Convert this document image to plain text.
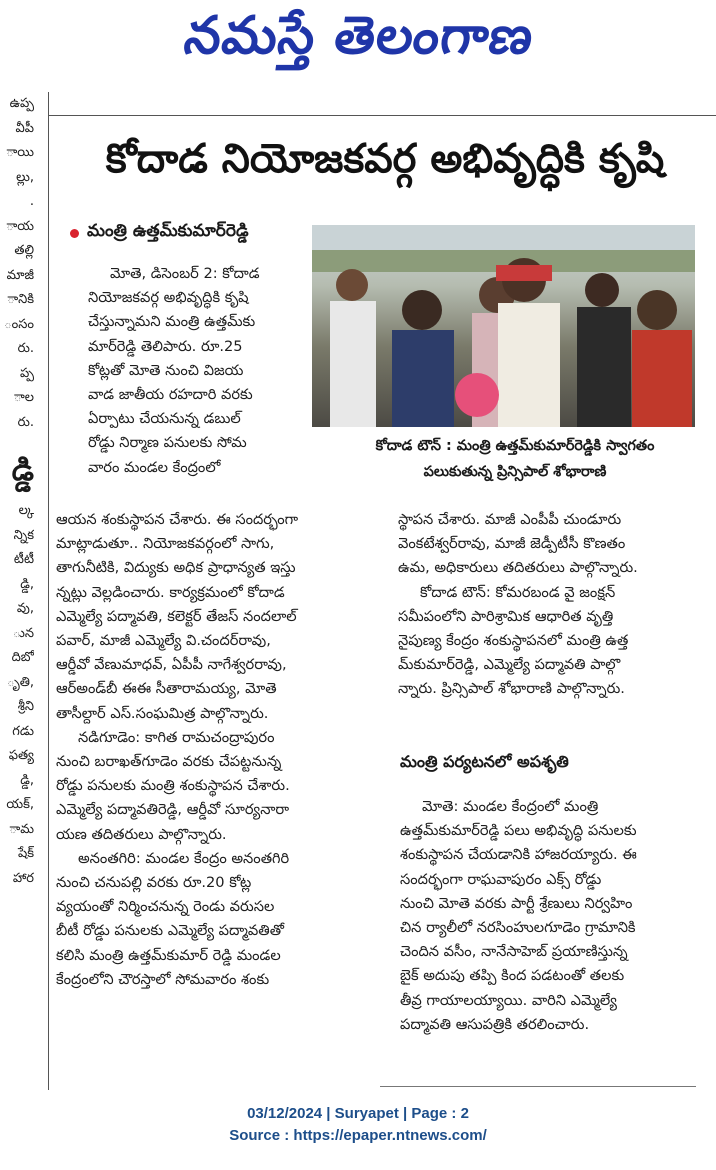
నమస్తే తెలంగాణ
ఉప్ప
వీపీ
ాయి
ల్లు,
.
ాయ
తల్లి
మాజీ
ానికి
ంసం
రు.
ప్ప
ాల
రు.
డ్డి
ల్క
న్నిక
టీటీ
డ్డి,
వు,
ున
దిబో
ృతి,
శ్రీని
గడు
ఫత్య
డ్డి,
యక్,
ామ
షేక్
హార
కోదాడ నియోజకవర్గ అభివృద్ధికి కృషి
మంత్రి ఉత్తమ్‌కుమార్‌రెడ్డి

మోతె, డిసెంబర్ 2: కోదాడ

నియోజకవర్గ అభివృద్ధికి కృషి

చేస్తున్నామని మంత్రి ఉత్తమ్‌కు

మార్‌రెడ్డి తెలిపారు. రూ.25

కోట్లతో మోతె నుంచి విజయ

వాడ జాతీయ రహదారి వరకు

ఏర్పాటు చేయనున్న డబుల్

రోడ్డు నిర్మాణ పనులకు సోమ

వారం మండల కేంద్రంలో

కోదాడ టౌన్ : మంత్రి ఉత్తమ్‌కుమార్‌రెడ్డికి స్వాగతం
పలుకుతున్న ప్రిన్సిపాల్ శోభారాణి

ఆయన శంకుస్థాపన చేశారు. ఈ సందర్భంగా

మాట్లాడుతూ.. నియోజకవర్గంలో సాగు,

తాగునీటికి, విద్యుకు అధిక ప్రాధాన్యత ఇస్తు

న్నట్లు వెల్లడించారు. కార్యక్రమంలో కోదాడ

ఎమ్మెల్యే పద్మావతి, కలెక్టర్ తేజస్ నందలాల్

పవార్, మాజీ ఎమ్మెల్యే వి.చందర్‌రావు,

ఆర్డీవో వేణుమాధవ్, ఏపీపీ నాగేశ్వరరావు,

ఆర్‌అండ్‌బీ ఈఈ సీతారామయ్య, మోతె

తాసీల్దార్ ఎస్.సంఘమిత్ర పాల్గొన్నారు.

నడిగూడెం: కాగిత రామచంద్రాపురం

నుంచి బరాఖత్‌గూడెం వరకు చేపట్టనున్న

రోడ్డు పనులకు మంత్రి శంకుస్థాపన చేశారు.

ఎమ్మెల్యే పద్మావతిరెడ్డి, ఆర్డీవో సూర్యనారా

యణ తదితరులు పాల్గొన్నారు.

అనంతగిరి: మండల కేంద్రం అనంతగిరి

నుంచి చనుపల్లి వరకు రూ.20 కోట్ల

వ్యయంతో నిర్మించనున్న రెండు వరుసల

బీటీ రోడ్డు పనులకు ఎమ్మెల్యే పద్మావతితో

కలిసి మంత్రి ఉత్తమ్‌కుమార్ రెడ్డి మండల

కేంద్రంలోని చౌరస్తాలో సోమవారం శంకు

స్థాపన చేశారు. మాజీ ఎంపీపీ చుండూరు

వెంకటేశ్వర్‌రావు, మాజీ జెడ్పీటీసీ కొణతం

ఉమ, అధికారులు తదితరులు పాల్గొన్నారు.

కోదాడ టౌన్: కోమరబండ వై జంక్షన్

సమీపంలోని పారిశ్రామిక ఆధారిత వృత్తి

నైపుణ్య కేంద్రం శంకుస్థాపనలో మంత్రి ఉత్త

మ్‌కుమార్‌రెడ్డి, ఎమ్మెల్యే పద్మావతి పాల్గొ

న్నారు. ప్రిన్సిపాల్ శోభారాణి పాల్గొన్నారు.

మంత్రి పర్యటనలో అపశృతి

మోతె: మండల కేంద్రంలో మంత్రి

ఉత్తమ్‌కుమార్‌రెడ్డి పలు అభివృద్ధి పనులకు

శంకుస్థాపన చేయడానికి హాజరయ్యారు. ఈ

సందర్భంగా రాఘవాపురం ఎక్స్ రోడ్డు

నుంచి మోతె వరకు పార్టీ శ్రేణులు నిర్వహిం

చిన ర్యాలీలో నరసింహులగూడెం గ్రామానికి

చెందిన వసీం, నానేసాహెబ్ ప్రయాణిస్తున్న

బైక్ అదుపు తప్పి కింద పడటంతో తలకు

తీవ్ర గాయాలయ్యాయి. వారిని ఎమ్మెల్యే

పద్మావతి ఆసుపత్రికి తరలించారు.

03/12/2024 | Suryapet | Page : 2
Source : https://epaper.ntnews.com/
